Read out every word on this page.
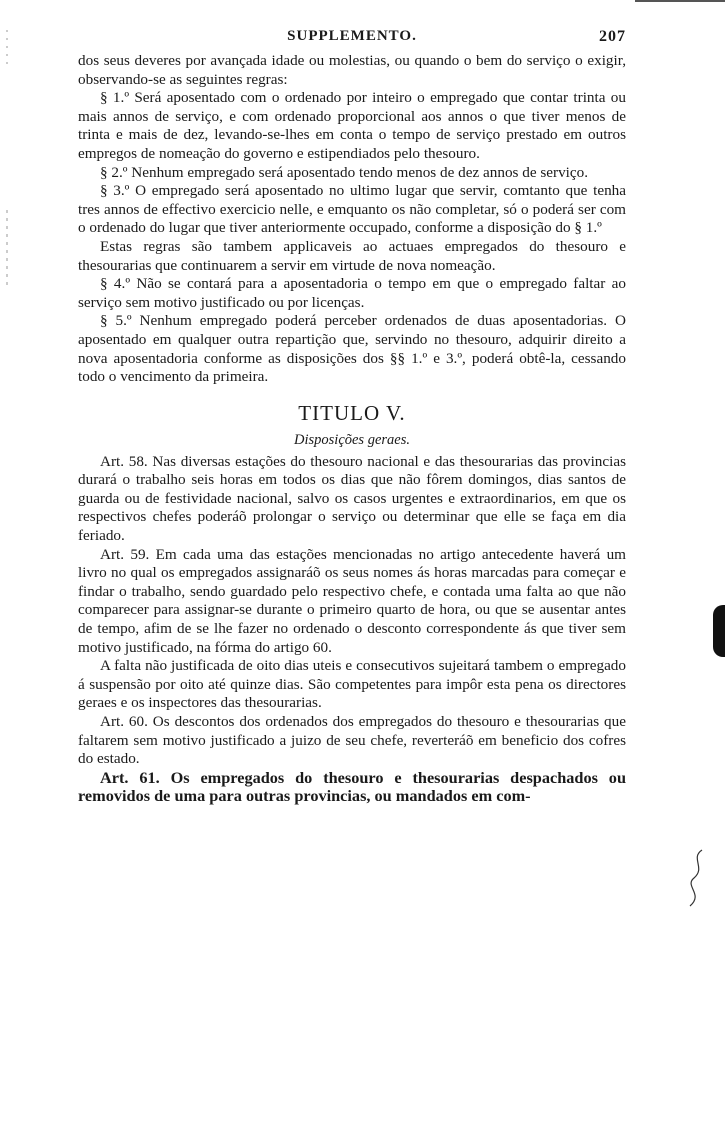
SUPPLEMENTO.	207

dos seus deveres por avançada idade ou molestias, ou quando o bem do serviço o exigir, observando-se as seguintes regras:

§ 1.º Será aposentado com o ordenado por inteiro o empregado que contar trinta ou mais annos de serviço, e com ordenado proporcional aos annos o que tiver menos de trinta e mais de dez, levando-se-lhes em conta o tempo de serviço prestado em outros empregos de nomeação do governo e estipendiados pelo thesouro.

§ 2.º Nenhum empregado será aposentado tendo menos de dez annos de serviço.

§ 3.º O empregado será aposentado no ultimo lugar que servir, comtanto que tenha tres annos de effectivo exercicio nelle, e emquanto os não completar, só o poderá ser com o ordenado do lugar que tiver anteriormente occupado, conforme a disposição do § 1.º

Estas regras são tambem applicaveis ao actuaes empregados do thesouro e thesourarias que continuarem a servir em virtude de nova nomeação.

§ 4.º Não se contará para a aposentadoria o tempo em que o empregado faltar ao serviço sem motivo justificado ou por licenças.

§ 5.º Nenhum empregado poderá perceber ordenados de duas aposentadorias. O aposentado em qualquer outra repartição que, servindo no thesouro, adquirir direito a nova aposentadoria conforme as disposições dos §§ 1.º e 3.º, poderá obtê-la, cessando todo o vencimento da primeira.

TITULO V.
Disposições geraes.

Art. 58. Nas diversas estações do thesouro nacional e das thesourarias das provincias durará o trabalho seis horas em todos os dias que não fôrem domingos, dias santos de guarda ou de festividade nacional, salvo os casos urgentes e extraordinarios, em que os respectivos chefes poderáõ prolongar o serviço ou determinar que elle se faça em dia feriado.

Art. 59. Em cada uma das estações mencionadas no artigo antecedente haverá um livro no qual os empregados assignaráõ os seus nomes ás horas marcadas para começar e findar o trabalho, sendo guardado pelo respectivo chefe, e contada uma falta ao que não comparecer para assignar-se durante o primeiro quarto de hora, ou que se ausentar antes de tempo, afim de se lhe fazer no ordenado o desconto correspondente ás que tiver sem motivo justificado, na fórma do artigo 60.

A falta não justificada de oito dias uteis e consecutivos sujeitará tambem o empregado á suspensão por oito até quinze dias. São competentes para impôr esta pena os directores geraes e os inspectores das thesourarias.

Art. 60. Os descontos dos ordenados dos empregados do thesouro e thesourarias que faltarem sem motivo justificado a juizo de seu chefe, reverteráõ em beneficio dos cofres do estado.

Art. 61. Os empregados do thesouro e thesourarias despachados ou removidos de uma para outras provincias, ou mandados em com-
